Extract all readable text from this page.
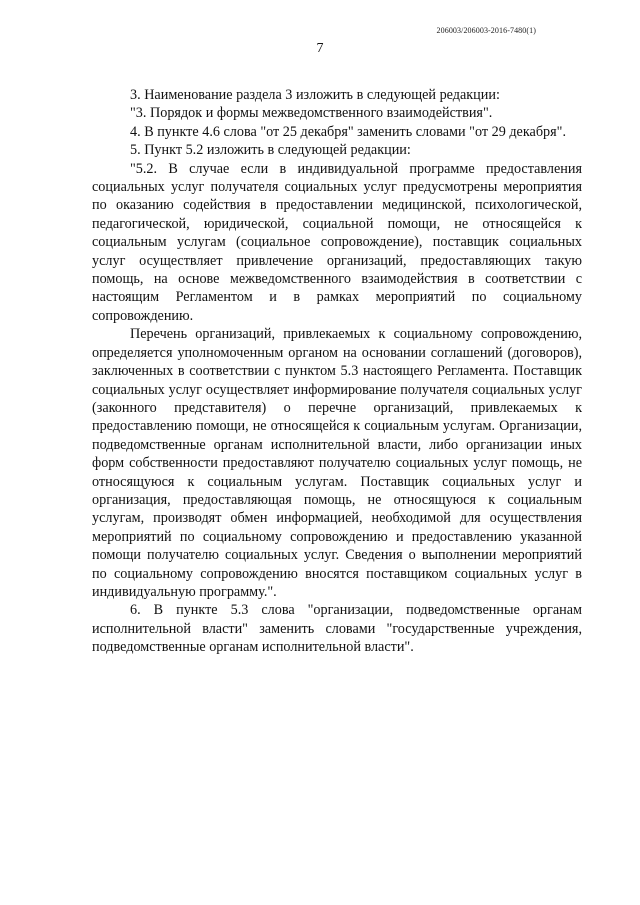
206003/206003-2016-7480(1)
7

3. Наименование раздела 3 изложить в следующей редакции:

"3. Порядок и формы межведомственного взаимодействия".

4. В пункте 4.6 слова "от 25 декабря" заменить словами "от 29 декабря".

5. Пункт 5.2 изложить в следующей редакции:

"5.2. В случае если в индивидуальной программе предоставления социальных услуг получателя социальных услуг предусмотрены мероприятия по оказанию содействия в предоставлении медицинской, психологической, педагогической, юридической, социальной помощи, не относящейся к социальным услугам (социальное сопровождение), поставщик социальных услуг осуществляет привлечение организаций, предоставляющих такую помощь, на основе межведомственного взаимодействия в соответствии с настоящим Регламентом и в рамках мероприятий по социальному сопровождению.

Перечень организаций, привлекаемых к социальному сопровождению, определяется уполномоченным органом на основании соглашений (договоров), заключенных в соответствии с пунктом 5.3 настоящего Регламента. Поставщик социальных услуг осуществляет информирование получателя социальных услуг (законного представителя) о перечне организаций, привлекаемых к предоставлению помощи, не относящейся к социальным услугам. Организации, подведомственные органам исполнительной власти, либо организации иных форм собственности предоставляют получателю социальных услуг помощь, не относящуюся к социальным услугам. Поставщик социальных услуг и организация, предоставляющая помощь, не относящуюся к социальным услугам, производят обмен информацией, необходимой для осуществления мероприятий по социальному сопровождению и предоставлению указанной помощи получателю социальных услуг. Сведения о выполнении мероприятий по социальному сопровождению вносятся поставщиком социальных услуг в индивидуальную программу.".

6. В пункте 5.3 слова "организации, подведомственные органам исполнительной власти" заменить словами "государственные учреждения, подведомственные органам исполнительной власти".
